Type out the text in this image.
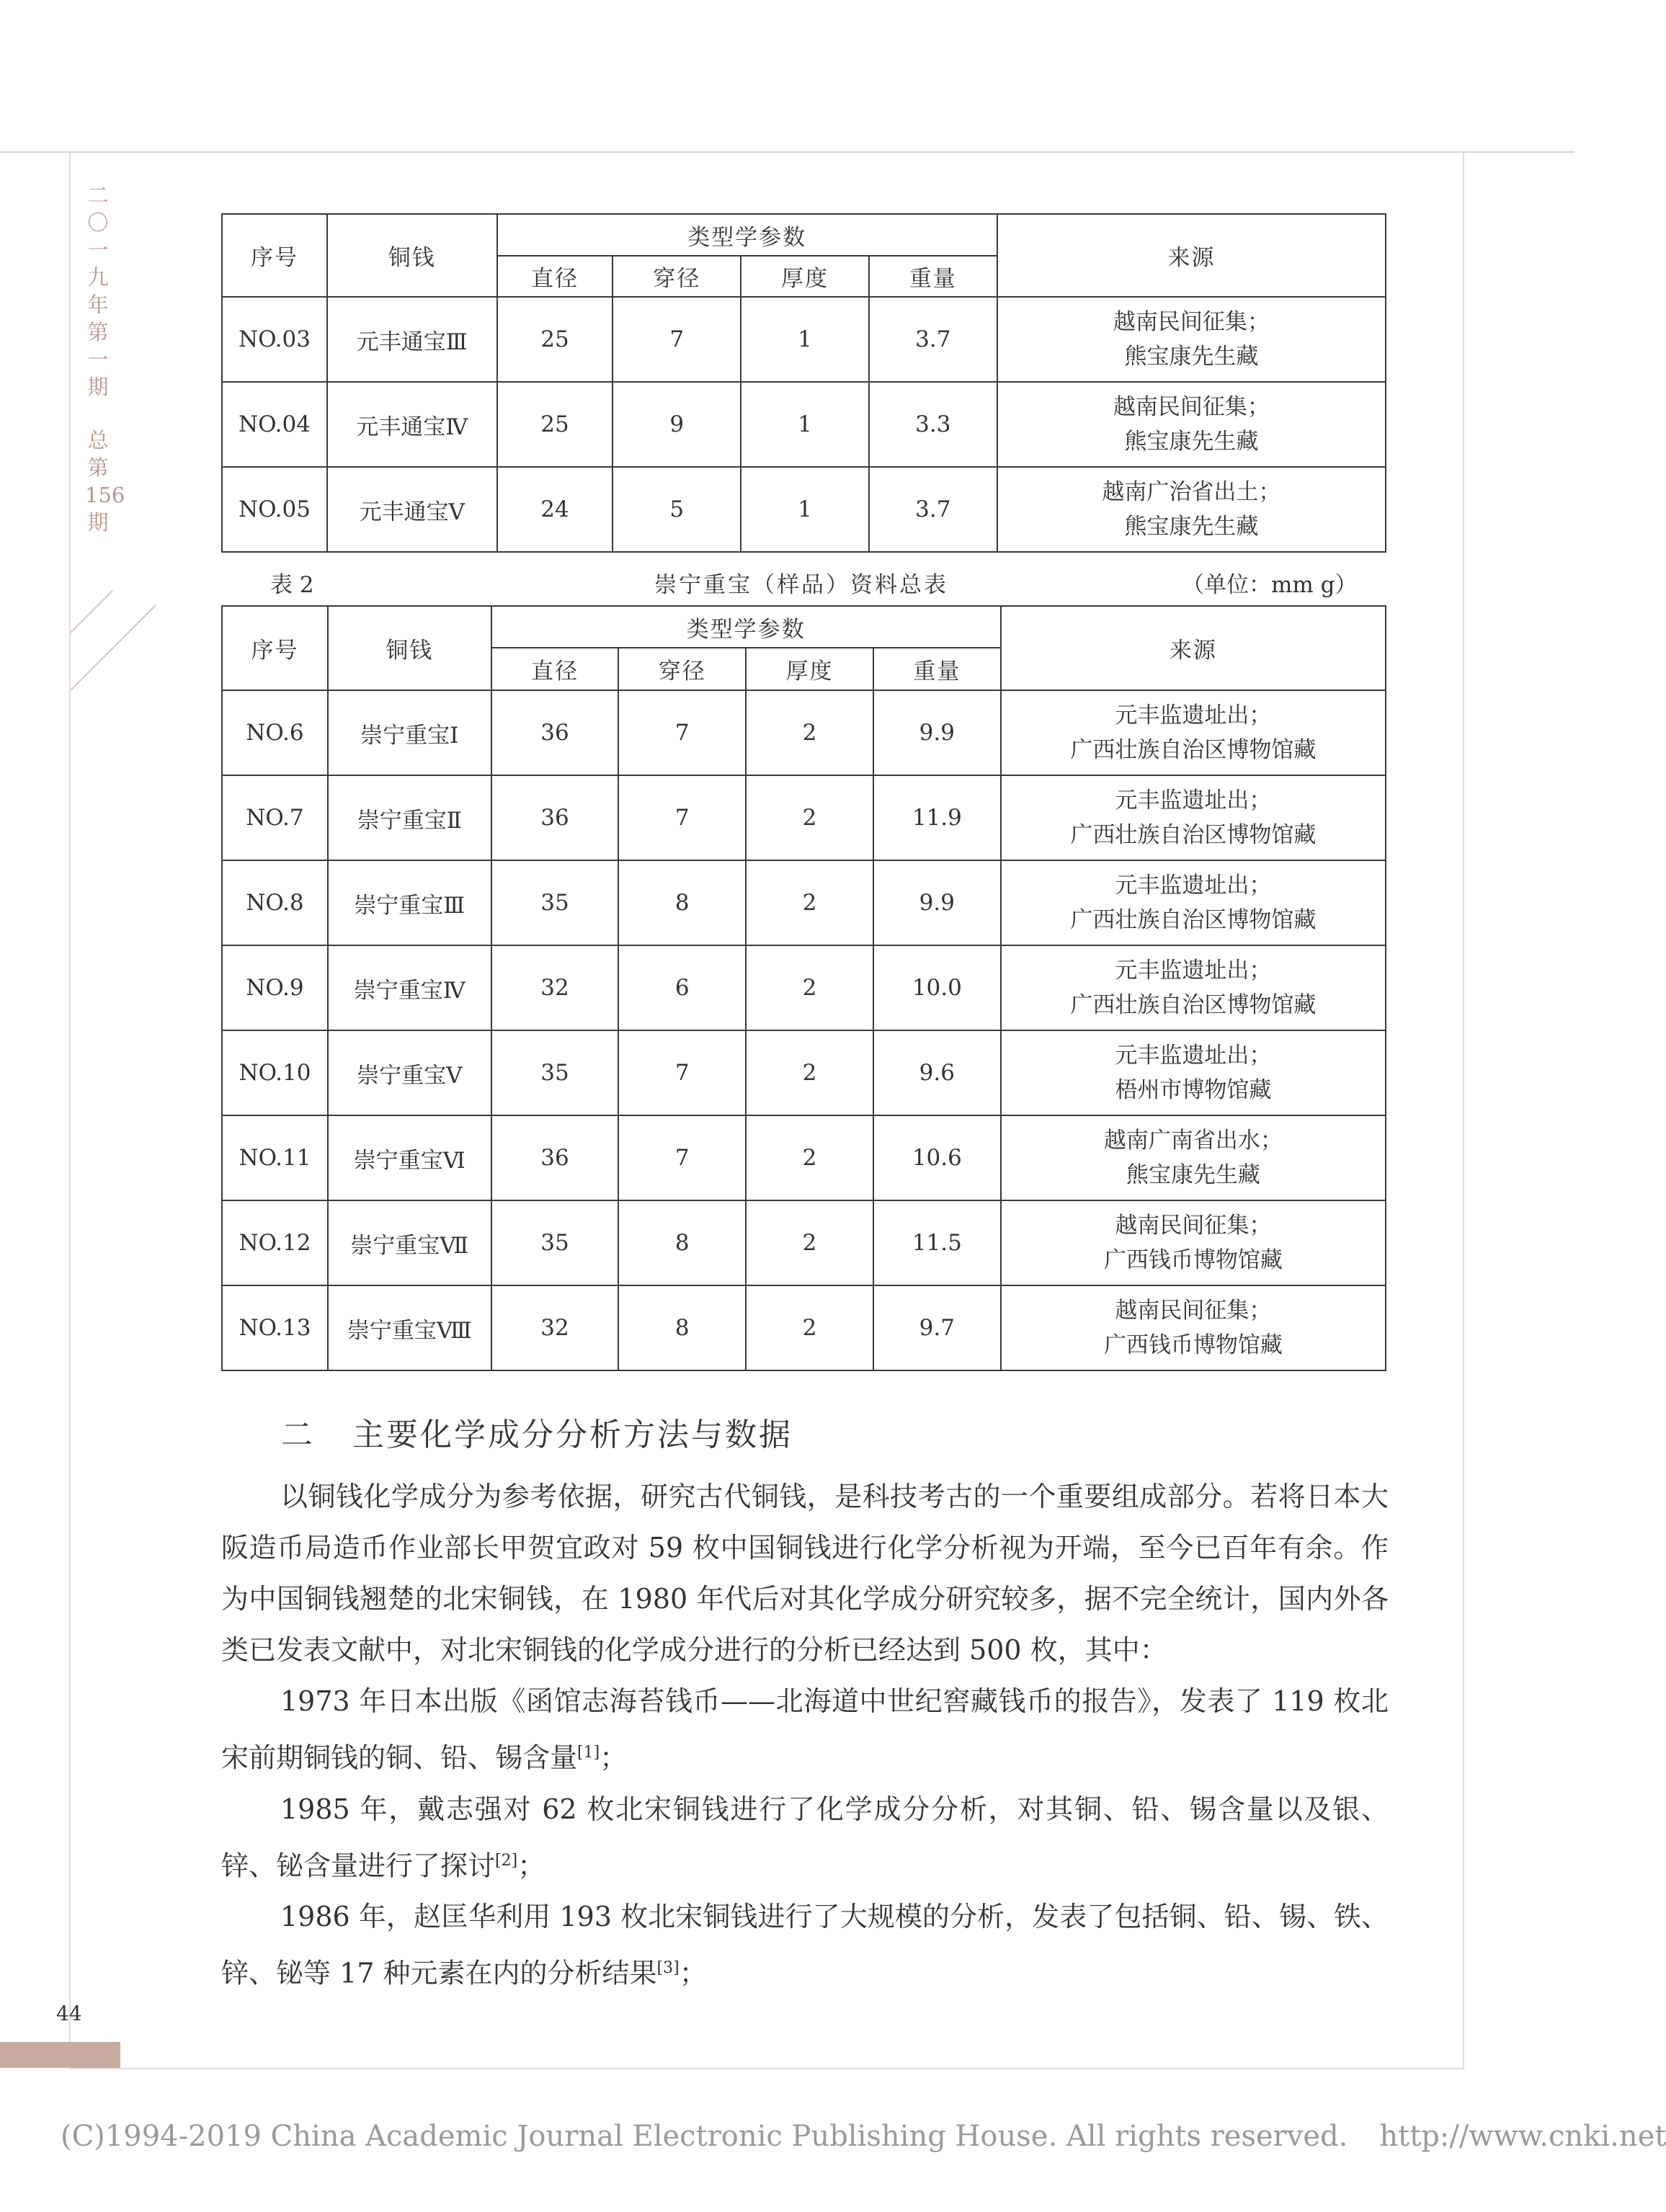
二〇一九年第一期
总第156期
序号	铜钱	类型学参数				来源
		直径	穿径	厚度	重量	
NO.03	元丰通宝Ⅲ	25	7	1	3.7	越南民间征集；
熊宝康先生藏

NO.04	元丰通宝Ⅳ	25	9	1	3.3	越南民间征集；
熊宝康先生藏

NO.05	元丰通宝Ⅴ	24	5	1	3.7	越南广治省出土；
熊宝康先生藏
表 2	崇宁重宝（样品）资料总表	（单位：mm g）
序号	铜钱	类型学参数				来源
		直径	穿径	厚度	重量	
NO.6	崇宁重宝Ⅰ	36	7	2	9.9	元丰监遗址出；
广西壮族自治区博物馆藏

NO.7	崇宁重宝Ⅱ	36	7	2	11.9	元丰监遗址出；
广西壮族自治区博物馆藏

NO.8	崇宁重宝Ⅲ	35	8	2	9.9	元丰监遗址出；
广西壮族自治区博物馆藏

NO.9	崇宁重宝Ⅳ	32	6	2	10.0	元丰监遗址出；
广西壮族自治区博物馆藏

NO.10	崇宁重宝Ⅴ	35	7	2	9.6	元丰监遗址出；
梧州市博物馆藏

NO.11	崇宁重宝Ⅵ	36	7	2	10.6	越南广南省出水；
熊宝康先生藏

NO.12	崇宁重宝Ⅶ	35	8	2	11.5	越南民间征集；
广西钱币博物馆藏

NO.13	崇宁重宝Ⅷ	32	8	2	9.7	越南民间征集；
广西钱币博物馆藏
二 主要化学成分分析方法与数据

以铜钱化学成分为参考依据，研究古代铜钱，是科技考古的一个重要组成部分。若将日本大阪造币局造币作业部长甲贺宜政对 59 枚中国铜钱进行化学分析视为开端，至今已百年有余。作为中国铜钱翘楚的北宋铜钱，在 1980 年代后对其化学成分研究较多，据不完全统计，国内外各类已发表文献中，对北宋铜钱的化学成分进行的分析已经达到 500 枚，其中：

1973 年日本出版《函馆志海苔钱币——北海道中世纪窖藏钱币的报告》，发表了 119 枚北宋前期铜钱的铜、铅、锡含量[1]；

1985 年，戴志强对 62 枚北宋铜钱进行了化学成分分析，对其铜、铅、锡含量以及银、锌、铋含量进行了探讨[2]；

1986 年，赵匡华利用 193 枚北宋铜钱进行了大规模的分析，发表了包括铜、铅、锡、铁、锌、铋等 17 种元素在内的分析结果[3]；

44
(C)1994-2019 China Academic Journal Electronic Publishing House. All rights reserved. http://www.cnki.net
